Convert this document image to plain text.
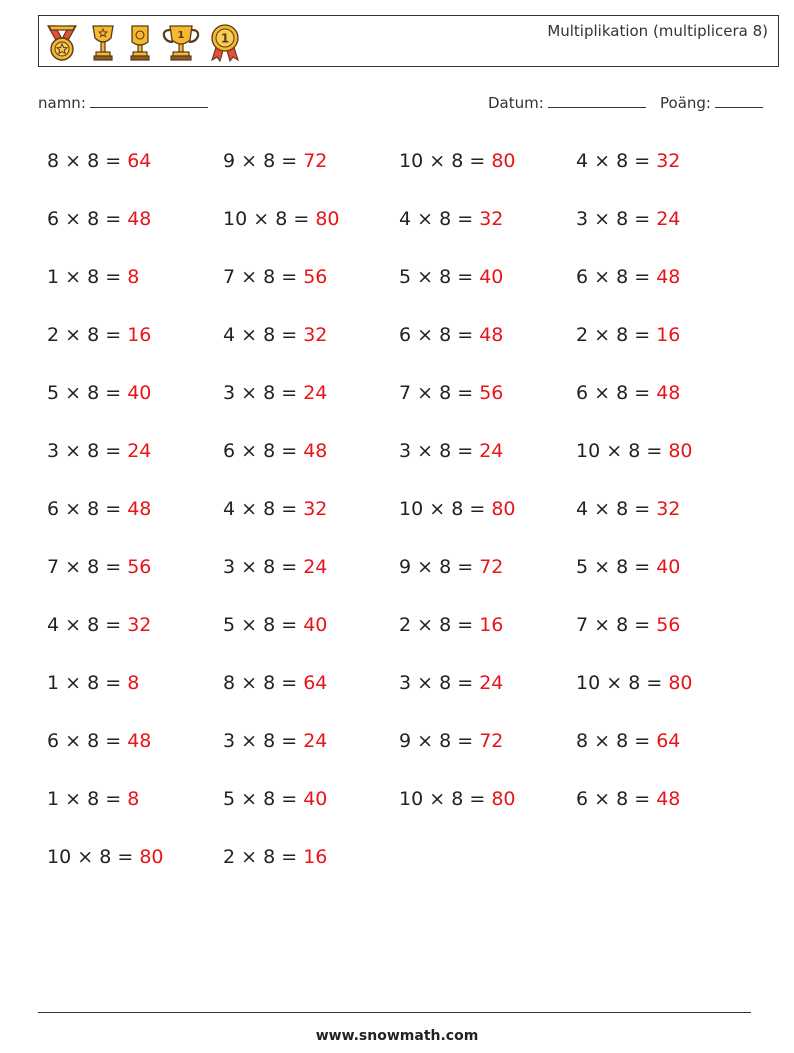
1	1	Multiplikation (multiplicera 8)
namn:	Datum:	Poäng:
8 × 8 = 64	9 × 8 = 72	10 × 8 = 80	4 × 8 = 32
6 × 8 = 48	10 × 8 = 80	4 × 8 = 32	3 × 8 = 24
1 × 8 = 8	7 × 8 = 56	5 × 8 = 40	6 × 8 = 48
2 × 8 = 16	4 × 8 = 32	6 × 8 = 48	2 × 8 = 16
5 × 8 = 40	3 × 8 = 24	7 × 8 = 56	6 × 8 = 48
3 × 8 = 24	6 × 8 = 48	3 × 8 = 24	10 × 8 = 80
6 × 8 = 48	4 × 8 = 32	10 × 8 = 80	4 × 8 = 32
7 × 8 = 56	3 × 8 = 24	9 × 8 = 72	5 × 8 = 40
4 × 8 = 32	5 × 8 = 40	2 × 8 = 16	7 × 8 = 56
1 × 8 = 8	8 × 8 = 64	3 × 8 = 24	10 × 8 = 80
6 × 8 = 48	3 × 8 = 24	9 × 8 = 72	8 × 8 = 64
1 × 8 = 8	5 × 8 = 40	10 × 8 = 80	6 × 8 = 48
10 × 8 = 80	2 × 8 = 16
www.snowmath.com
